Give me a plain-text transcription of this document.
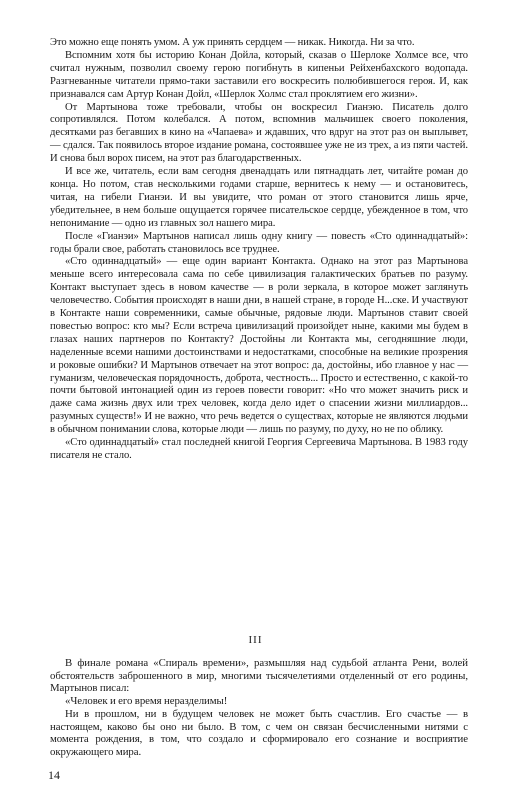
Это можно еще понять умом. А уж принять сердцем — никак. Никогда. Ни за что.

Вспомним хотя бы историю Конан Дойла, который, сказав о Шерлоке Холмсе все, что считал нужным, позволил своему герою погибнуть в кипеньи Рейхенбахского водопада. Разгневанные читатели прямо-таки заставили его воскресить полюбившегося героя. И, как признавался сам Артур Конан Дойл, «Шерлок Холмс стал проклятием его жизни».

От Мартынова тоже требовали, чтобы он воскресил Гианэю. Писатель долго сопротивлялся. Потом колебался. А потом, вспомнив мальчишек своего поколения, десятками раз бегавших в кино на «Чапаева» и ждавших, что вдруг на этот раз он выплывет,— сдался. Так появилось второе издание романа, состоявшее уже не из трех, а из пяти частей. И снова был ворох писем, на этот раз благодарственных.

И все же, читатель, если вам сегодня двенадцать или пятнадцать лет, читайте роман до конца. Но потом, став несколькими годами старше, вернитесь к нему — и остановитесь, читая, на гибели Гианэи. И вы увидите, что роман от этого становится лишь ярче, убедительнее, в нем больше ощущается горячее писательское сердце, убежденное в том, что непонимание — одно из главных зол нашего мира.

После «Гианэи» Мартынов написал лишь одну книгу — повесть «Сто одиннадцатый»: годы брали свое, работать становилось все труднее.

«Сто одиннадцатый» — еще один вариант Контакта. Однако на этот раз Мартынова меньше всего интересовала сама по себе цивилизация галактических братьев по разуму. Контакт выступает здесь в новом качестве — в роли зеркала, в которое может заглянуть человечество. События происходят в наши дни, в нашей стране, в городе Н...ске. И участвуют в Контакте наши современники, самые обычные, рядовые люди. Мартынов ставит своей повестью вопрос: кто мы? Если встреча цивилизаций произойдет ныне, какими мы будем в глазах наших партнеров по Контакту? Достойны ли Контакта мы, сегодняшние люди, наделенные всеми нашими достоинствами и недостатками, способные на великие прозрения и роковые ошибки? И Мартынов отвечает на этот вопрос: да, достойны, ибо главное у нас — гуманизм, человеческая порядочность, доброта, честность... Просто и естественно, с какой-то почти бытовой интонацией один из героев повести говорит: «Но что может значить риск и даже сама жизнь двух или трех человек, когда дело идет о спасении жизни миллиардов... разумных существ!» И не важно, что речь ведется о существах, которые не являются людьми в обычном понимании слова, которые люди — лишь по разуму, по духу, но не по облику.

«Сто одиннадцатый» стал последней книгой Георгия Сергеевича Мартынова. В 1983 году писателя не стало.

III

В финале романа «Спираль времени», размышляя над судьбой атланта Рени, волей обстоятельств заброшенного в мир, многими тысячелетиями отделенный от его родины, Мартынов писал:

«Человек и его время неразделимы!

Ни в прошлом, ни в будущем человек не может быть счастлив. Его счастье — в настоящем, каково бы оно ни было. В том, с чем он связан бесчисленными нитями с момента рождения, в том, что создало и сформировало его сознание и восприятие окружающего мира.

14
